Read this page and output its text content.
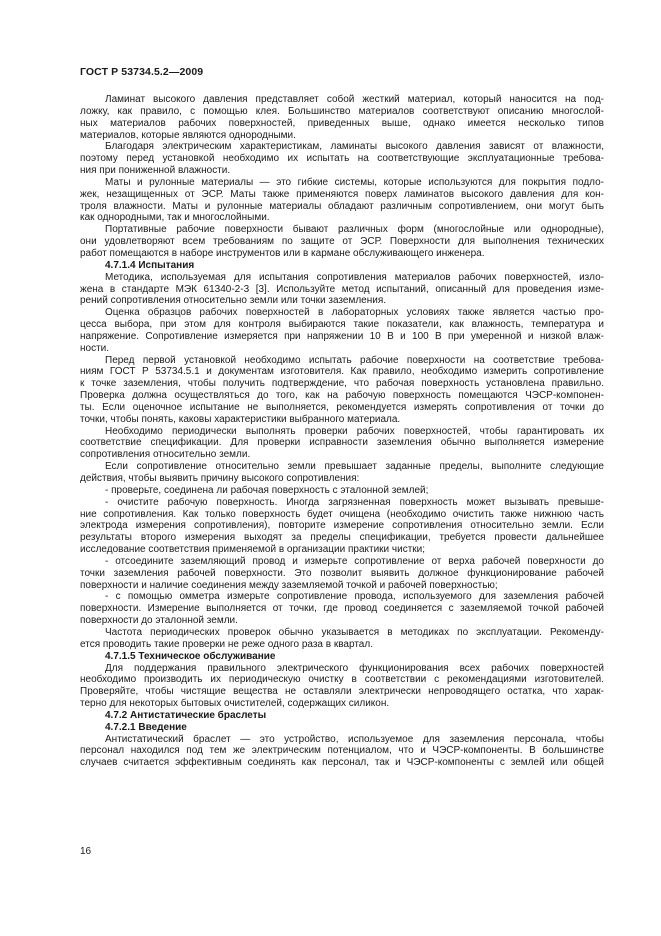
ГОСТ Р 53734.5.2—2009
Ламинат высокого давления представляет собой жесткий материал, который наносится на под-
ложку, как правило, с помощью клея. Большинство материалов соответствуют описанию многослой-
ных материалов рабочих поверхностей, приведенных выше, однако имеется несколько типов
материалов, которые являются однородными.
Благодаря электрическим характеристикам, ламинаты высокого давления зависят от влажности,
поэтому перед установкой необходимо их испытать на соответствующие эксплуатационные требова-
ния при пониженной влажности.
Маты и рулонные материалы — это гибкие системы, которые используются для покрытия подло-
жек, незащищенных от ЭСР. Маты также применяются поверх ламинатов высокого давления для кон-
троля влажности. Маты и рулонные материалы обладают различным сопротивлением, они могут быть
как однородными, так и многослойными.
Портативные рабочие поверхности бывают различных форм (многослойные или однородные),
они удовлетворяют всем требованиям по защите от ЭСР. Поверхности для выполнения технических
работ помещаются в наборе инструментов или в кармане обслуживающего инженера.
4.7.1.4 Испытания
Методика, используемая для испытания сопротивления материалов рабочих поверхностей, изло-
жена в стандарте МЭК 61340-2-3 [3]. Используйте метод испытаний, описанный для проведения изме-
рений сопротивления относительно земли или точки заземления.
Оценка образцов рабочих поверхностей в лабораторных условиях также является частью про-
цесса выбора, при этом для контроля выбираются такие показатели, как влажность, температура и
напряжение. Сопротивление измеряется при напряжении 10 В и 100 В при умеренной и низкой влаж-
ности.
Перед первой установкой необходимо испытать рабочие поверхности на соответствие требова-
ниям ГОСТ Р 53734.5.1 и документам изготовителя. Как правило, необходимо измерить сопротивление
к точке заземления, чтобы получить подтверждение, что рабочая поверхность установлена правильно.
Проверка должна осуществляться до того, как на рабочую поверхность помещаются ЧЭСР-компонен-
ты. Если оценочное испытание не выполняется, рекомендуется измерять сопротивления от точки до
точки, чтобы понять, каковы характеристики выбранного материала.
Необходимо периодически выполнять проверки рабочих поверхностей, чтобы гарантировать их
соответствие спецификации. Для проверки исправности заземления обычно выполняется измерение
сопротивления относительно земли.
Если сопротивление относительно земли превышает заданные пределы, выполните следующие
действия, чтобы выявить причину высокого сопротивления:
- проверьте, соединена ли рабочая поверхность с эталонной землей;
- очистите рабочую поверхность. Иногда загрязненная поверхность может вызывать превыше-
ние сопротивления. Как только поверхность будет очищена (необходимо очистить также нижнюю часть
электрода измерения сопротивления), повторите измерение сопротивления относительно земли. Если
результаты второго измерения выходят за пределы спецификации, требуется провести дальнейшее
исследование соответствия применяемой в организации практики чистки;
- отсоедините заземляющий провод и измерьте сопротивление от верха рабочей поверхности до
точки заземления рабочей поверхности. Это позволит выявить должное функционирование рабочей
поверхности и наличие соединения между заземляемой точкой и рабочей поверхностью;
- с помощью омметра измерьте сопротивление провода, используемого для заземления рабочей
поверхности. Измерение выполняется от точки, где провод соединяется с заземляемой точкой рабочей
поверхности до эталонной земли.
Частота периодических проверок обычно указывается в методиках по эксплуатации. Рекоменду-
ется проводить такие проверки не реже одного раза в квартал.
4.7.1.5 Техническое обслуживание
Для поддержания правильного электрического функционирования всех рабочих поверхностей
необходимо производить их периодическую очистку в соответствии с рекомендациями изготовителей.
Проверяйте, чтобы чистящие вещества не оставляли электрически непроводящего остатка, что харак-
терно для некоторых бытовых очистителей, содержащих силикон.
4.7.2 Антистатические браслеты
4.7.2.1 Введение
Антистатический браслет — это устройство, используемое для заземления персонала, чтобы
персонал находился под тем же электрическим потенциалом, что и ЧЭСР-компоненты. В большинстве
случаев считается эффективным соединять как персонал, так и ЧЭСР-компоненты с землей или общей
16
